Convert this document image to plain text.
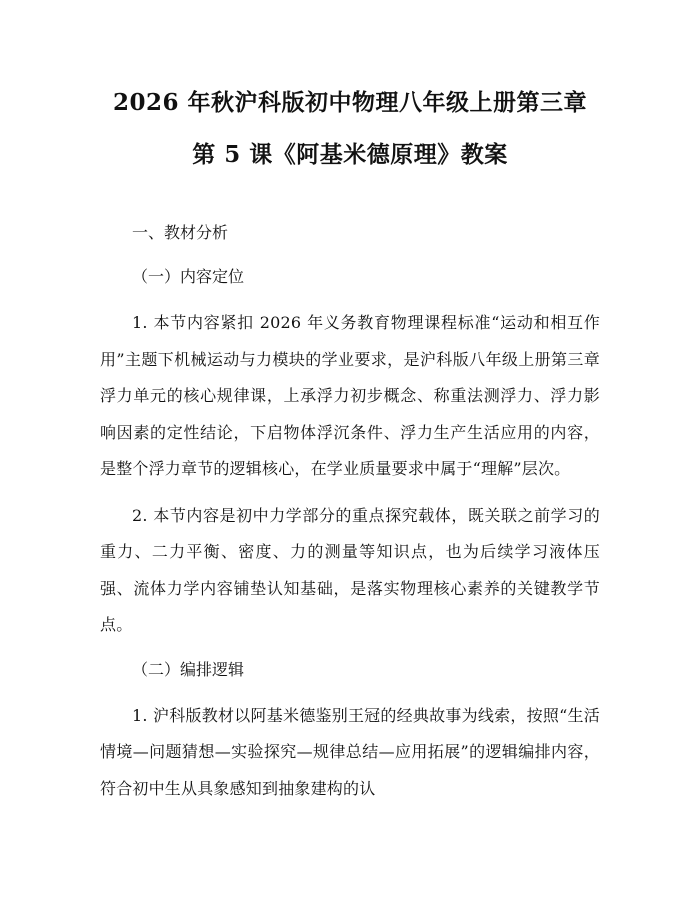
2026 年秋沪科版初中物理八年级上册第三章
第 5 课《阿基米德原理》教案

一、教材分析

（一）内容定位

1. 本节内容紧扣 2026 年义务教育物理课程标准“运动和相互作用”主题下机械运动与力模块的学业要求，是沪科版八年级上册第三章浮力单元的核心规律课，上承浮力初步概念、称重法测浮力、浮力影响因素的定性结论，下启物体浮沉条件、浮力生产生活应用的内容，是整个浮力章节的逻辑核心，在学业质量要求中属于“理解”层次。

2. 本节内容是初中力学部分的重点探究载体，既关联之前学习的重力、二力平衡、密度、力的测量等知识点，也为后续学习液体压强、流体力学内容铺垫认知基础，是落实物理核心素养的关键教学节点。

（二）编排逻辑

1. 沪科版教材以阿基米德鉴别王冠的经典故事为线索，按照“生活情境—问题猜想—实验探究—规律总结—应用拓展”的逻辑编排内容，符合初中生从具象感知到抽象建构的认
